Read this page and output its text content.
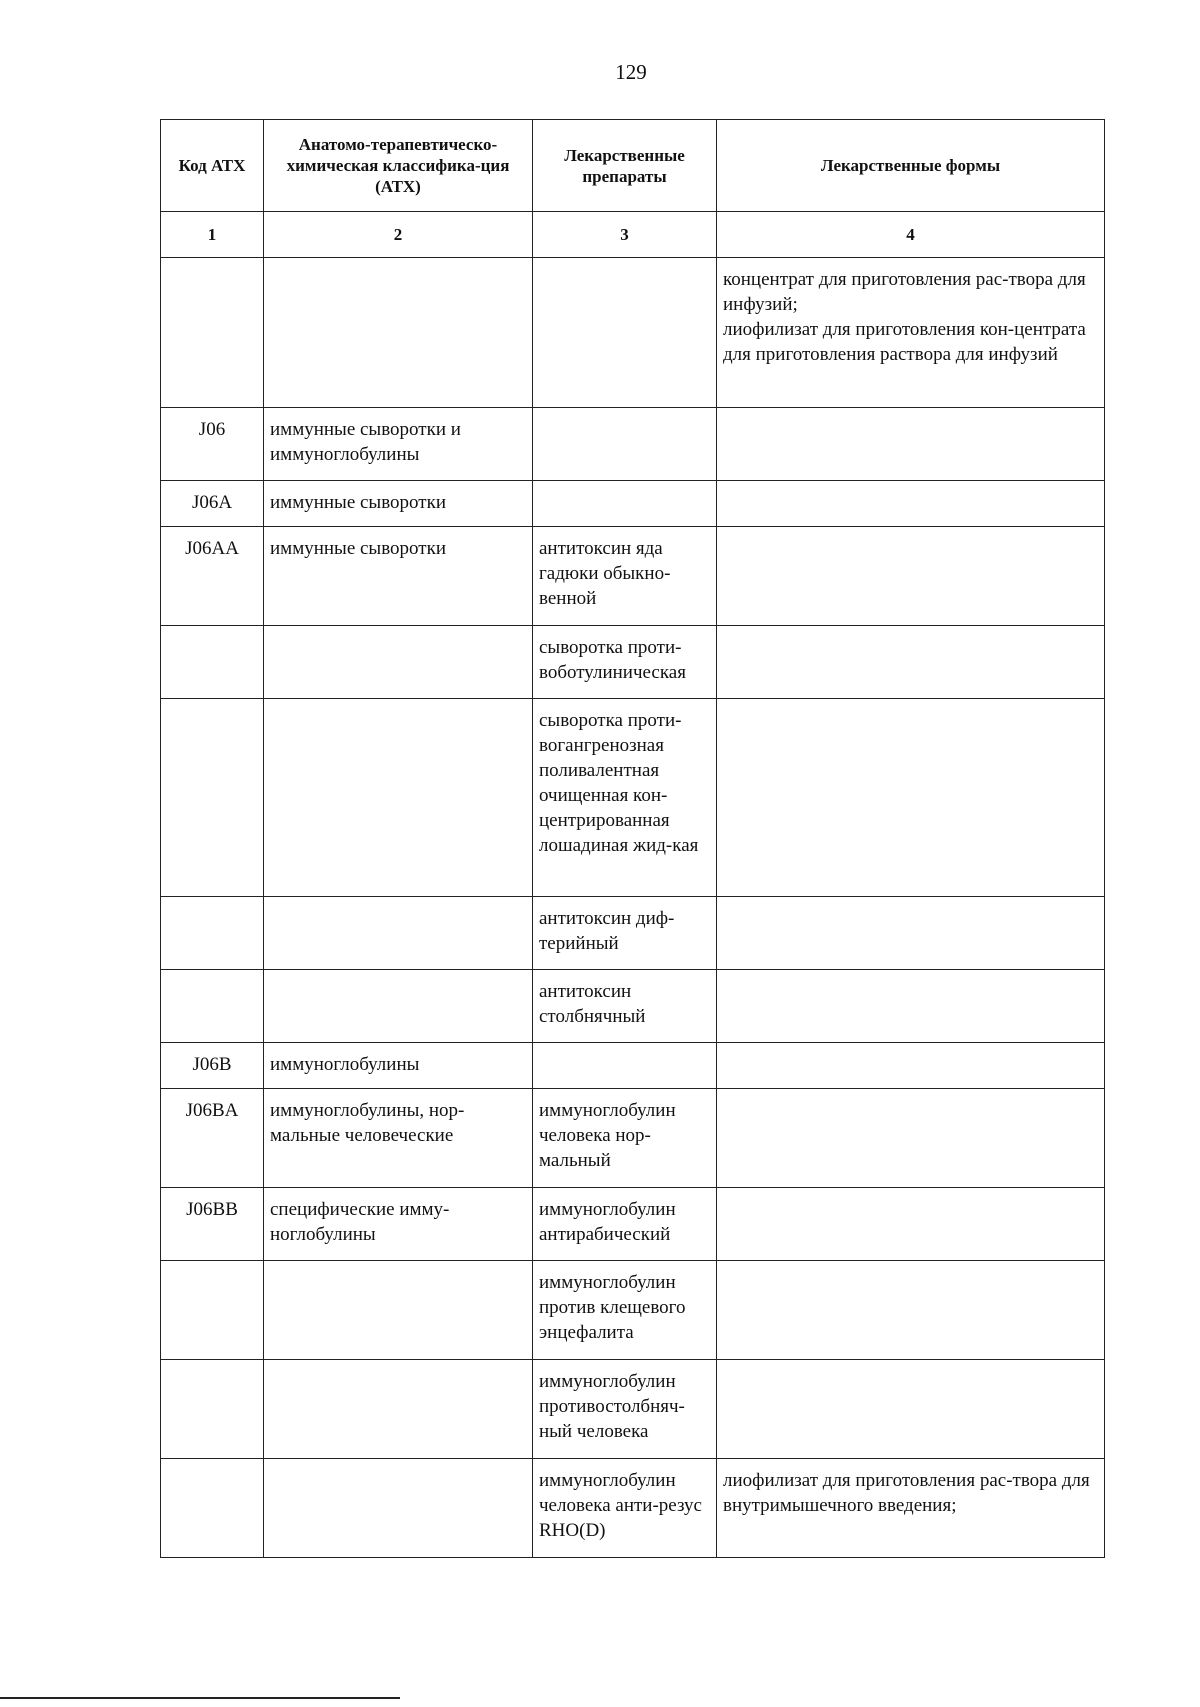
129
Код АТХ	Анатомо-терапевтическо-химическая классифика-ция (АТХ)	Лекарственные препараты	Лекарственные формы
1	2	3	4

			концентрат для приготовления рас-твора для инфузий;
лиофилизат для приготовления кон-центрата для приготовления раствора для инфузий

J06	иммунные сыворотки и иммуноглобулины		

J06A	иммунные сыворотки		

J06AA	иммунные сыворотки	антитоксин яда гадюки обыкно-венной	

		сыворотка проти-воботулиническая	

		сыворотка проти-вогангренозная поливалентная очищенная кон-центрированная лошадиная жид-кая	

		антитоксин диф-терийный	

		антитоксин столбнячный	

J06B	иммуноглобулины		

J06BA	иммуноглобулины, нор-мальные человеческие	иммуноглобулин человека нор-мальный	

J06BB	специфические имму-ноглобулины	иммуноглобулин антирабический	

		иммуноглобулин против клещевого энцефалита	

		иммуноглобулин противостолбняч-ный человека	

		иммуноглобулин человека анти-резус RHO(D)	лиофилизат для приготовления рас-твора для внутримышечного введения;
